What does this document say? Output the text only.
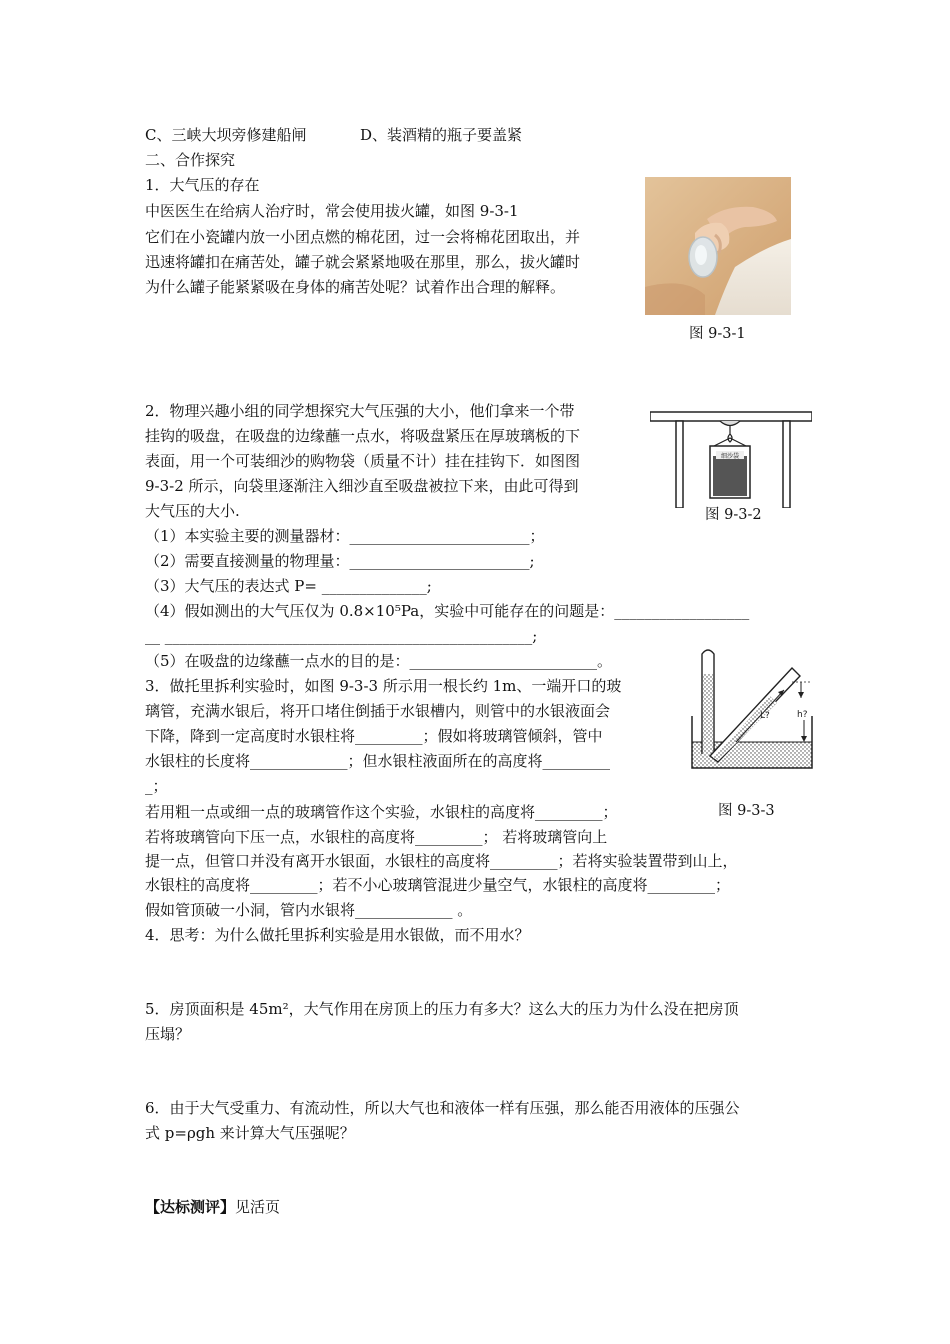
C、三峡大坝旁修建船闸	D、装酒精的瓶子要盖紧
二、合作探究
1．大气压的存在
中医医生在给病人治疗时，常会使用拔火罐，如图 9-3-1
它们在小瓷罐内放一小团点燃的棉花团，过一会将棉花团取出，并
迅速将罐扣在痛苦处，罐子就会紧紧地吸在那里，那么，拔火罐时
为什么罐子能紧紧吸在身体的痛苦处呢？试着作出合理的解释。
图 9-3-1
2．物理兴趣小组的同学想探究大气压强的大小，他们拿来一个带
挂钩的吸盘，在吸盘的边缘蘸一点水，将吸盘紧压在厚玻璃板的下
表面，用一个可装细沙的购物袋（质量不计）挂在挂钩下．如图图
9-3-2 所示，向袋里逐渐注入细沙直至吸盘被拉下来，由此可得到
大气压的大小.
（1）本实验主要的测量器材：________________________；
（2）需要直接测量的物理量：________________________;
（3）大气压的表达式 P= ______________;
（4）假如测出的大气压仅为 0.8×10⁵Pa，实验中可能存在的问题是：__________________
__ _________________________________________________;
（5）在吸盘的边缘蘸一点水的目的是：_________________________。
细沙袋
图 9-3-2
3．做托里拆利实验时，如图 9-3-3 所示用一根长约 1m、一端开口的玻
璃管，充满水银后，将开口堵住倒插于水银槽内，则管中的水银液面会
下降，降到一定高度时水银柱将_________；假如将玻璃管倾斜，管中
水银柱的长度将_____________；但水银柱液面所在的高度将_________
_；
若用粗一点或细一点的玻璃管作这个实验，水银柱的高度将_________；
若将玻璃管向下压一点，水银柱的高度将_________； 若将玻璃管向上
提一点，但管口并没有离开水银面，水银柱的高度将_________；若将实验装置带到山上，
水银柱的高度将_________；若不小心玻璃管混进少量空气，水银柱的高度将_________；
假如管顶破一小洞，管内水银将_____________ 。
L?	h?
图 9-3-3
4．思考：为什么做托里拆利实验是用水银做，而不用水？
5．房顶面积是 45m²，大气作用在房顶上的压力有多大？这么大的压力为什么没在把房顶
压塌？
6．由于大气受重力、有流动性，所以大气也和液体一样有压强，那么能否用液体的压强公
式 p=ρgh 来计算大气压强呢？
【达标测评】见活页
